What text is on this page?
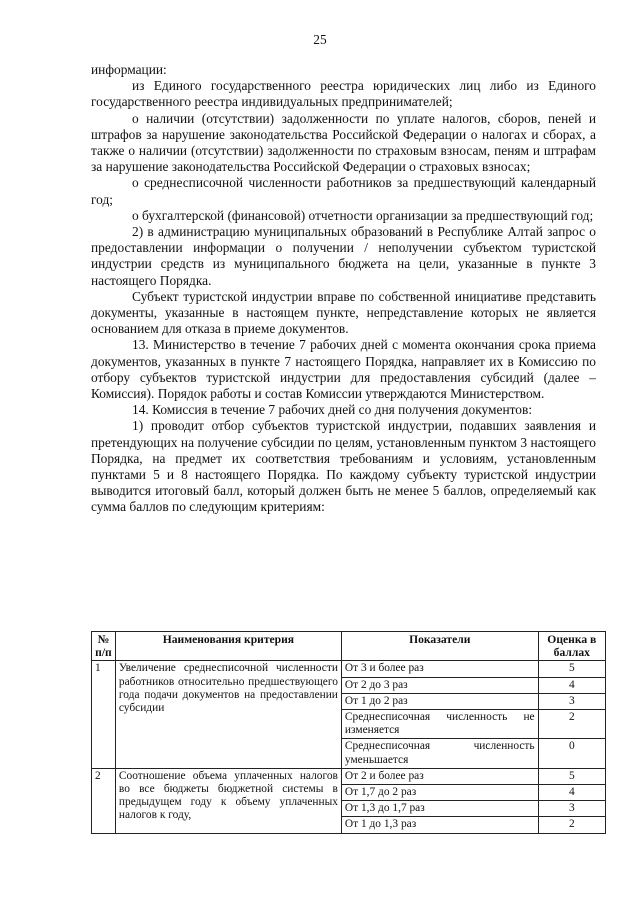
25

информации:

из Единого государственного реестра юридических лиц либо из Единого государственного реестра индивидуальных предпринимателей;

о наличии (отсутствии) задолженности по уплате налогов, сборов, пеней и штрафов за нарушение законодательства Российской Федерации о налогах и сборах, а также о наличии (отсутствии) задолженности по страховым взносам, пеням и штрафам за нарушение законодательства Российской Федерации о страховых взносах;

о среднесписочной численности работников за предшествующий календарный год;

о бухгалтерской (финансовой) отчетности организации за предшествующий год;

2) в администрацию муниципальных образований в Республике Алтай запрос о предоставлении информации о получении / неполучении субъектом туристской индустрии средств из муниципального бюджета на цели, указанные в пункте 3 настоящего Порядка.

Субъект туристской индустрии вправе по собственной инициативе представить документы, указанные в настоящем пункте, непредставление которых не является основанием для отказа в приеме документов.

13. Министерство в течение 7 рабочих дней с момента окончания срока приема документов, указанных в пункте 7 настоящего Порядка, направляет их в Комиссию по отбору субъектов туристской индустрии для предоставления субсидий (далее – Комиссия). Порядок работы и состав Комиссии утверждаются Министерством.

14. Комиссия в течение 7 рабочих дней со дня получения документов:

1) проводит отбор субъектов туристской индустрии, подавших заявления и претендующих на получение субсидии по целям, установленным пунктом 3 настоящего Порядка, на предмет их соответствия требованиям и условиям, установленным пунктами 5 и 8 настоящего Порядка. По каждому субъекту туристской индустрии выводится итоговый балл, который должен быть не менее 5 баллов, определяемый как сумма баллов по следующим критериям:

№ п/п	Наименования критерия	Показатели	Оценка в баллах
1	Увеличение среднесписочной численности работников относительно предшествующего года подачи документов на предоставлении субсидии	От 3 и более раз	5
		От 2 до 3 раз	4
		От 1 до 2 раз	3
		Среднесписочная численность не изменяется	2
		Среднесписочная численность уменьшается	0
2	Соотношение объема уплаченных налогов во все бюджеты бюджетной системы в предыдущем году к объему уплаченных налогов к году,	От 2 и более раз	5
		От 1,7 до 2 раз	4
		От 1,3 до 1,7 раз	3
		От 1 до 1,3 раз	2
